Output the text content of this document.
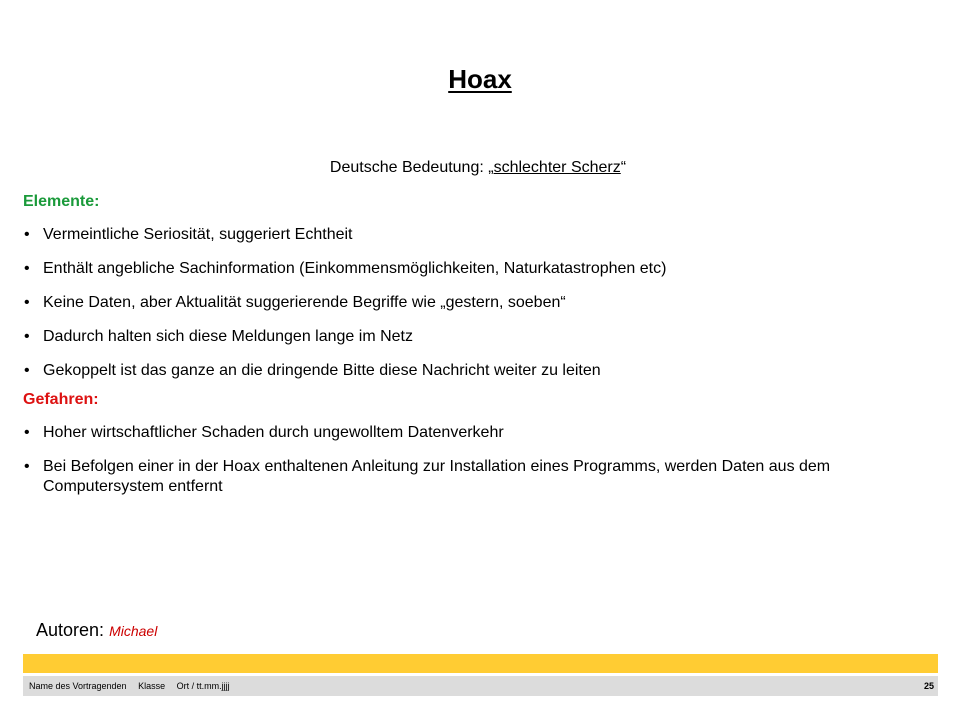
Hoax

Deutsche Bedeutung: „schlechter Scherz“

Elemente:
• Vermeintliche Seriosität, suggeriert Echtheit
• Enthält angebliche Sachinformation (Einkommensmöglichkeiten, Naturkatastrophen etc)
• Keine Daten, aber Aktualität suggerierende Begriffe wie „gestern, soeben“
• Dadurch halten sich diese Meldungen lange im Netz
• Gekoppelt ist das ganze an die dringende Bitte diese Nachricht weiter zu leiten
Gefahren:
• Hoher wirtschaftlicher Schaden durch ungewolltem Datenverkehr
• Bei Befolgen einer in der Hoax enthaltenen Anleitung zur Installation eines Programms, werden Daten aus dem Computersystem entfernt
Autoren: Michael
Name des Vortragenden Klasse Ort / tt.mm.jjjj	25
